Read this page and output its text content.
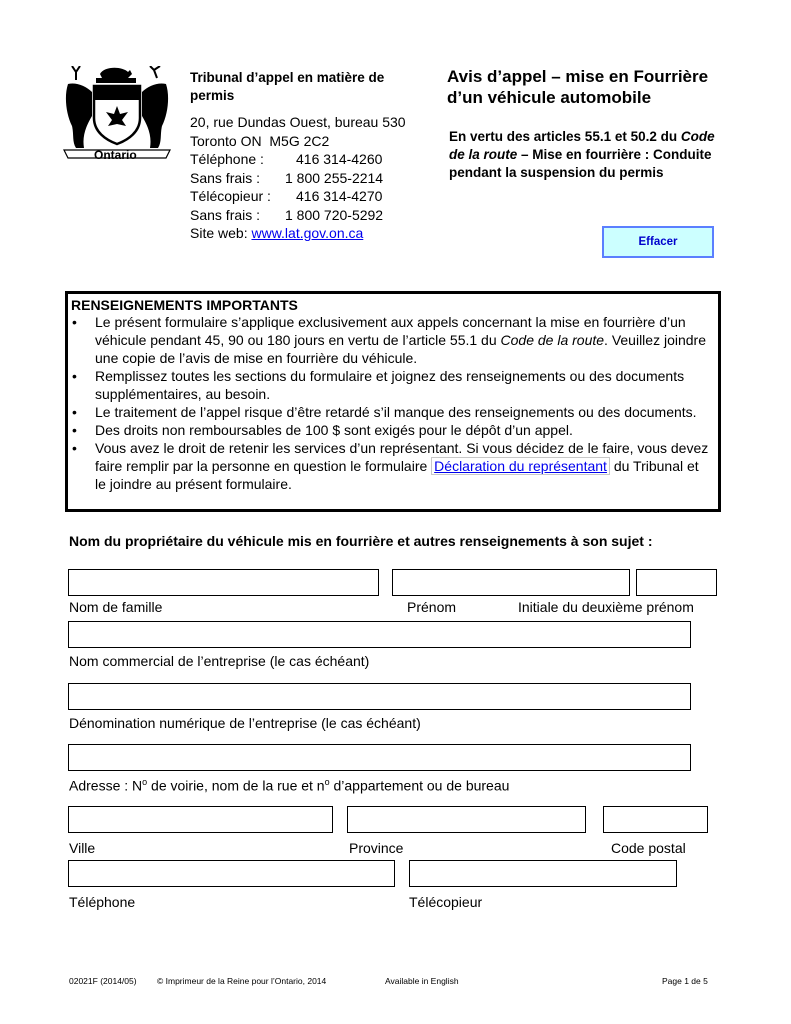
Ontario
Tribunal d’appel en matière de permis
20, rue Dundas Ouest, bureau 530
Toronto ON  M5G 2C2
Téléphone : 416 314-4260
Sans frais : 1 800 255-2214
Télécopieur : 416 314-4270
Sans frais : 1 800 720-5292
Site web: www.lat.gov.on.ca
Avis d’appel – mise en Fourrière d’un véhicule automobile
En vertu des articles 55.1 et 50.2 du Code de la route – Mise en fourrière : Conduite pendant la suspension du permis
Effacer
RENSEIGNEMENTS IMPORTANTS
• Le présent formulaire s’applique exclusivement aux appels concernant la mise en fourrière d’un véhicule pendant 45, 90 ou 180 jours en vertu de l’article 55.1 du Code de la route. Veuillez joindre une copie de l’avis de mise en fourrière du véhicule.
• Remplissez toutes les sections du formulaire et joignez des renseignements ou des documents supplémentaires, au besoin.
• Le traitement de l’appel risque d’être retardé s’il manque des renseignements ou des documents.
• Des droits non remboursables de 100 $ sont exigés pour le dépôt d’un appel.
• Vous avez le droit de retenir les services d’un représentant. Si vous décidez de le faire, vous devez faire remplir par la personne en question le formulaire Déclaration du représentant du Tribunal et le joindre au présent formulaire.
Nom du propriétaire du véhicule mis en fourrière et autres renseignements à son sujet :
Nom de famille	Prénom	Initiale du deuxième prénom
Nom commercial de l’entreprise (le cas échéant)
Dénomination numérique de l’entreprise (le cas échéant)
Adresse : $N^o$ de voirie, nom de la rue et $n^o$ d’appartement ou de bureau
Ville	Province	Code postal
Téléphone	Télécopieur
02021F (2014/05) © Imprimeur de la Reine pour l’Ontario, 2014	Available in English	Page 1 de 5
